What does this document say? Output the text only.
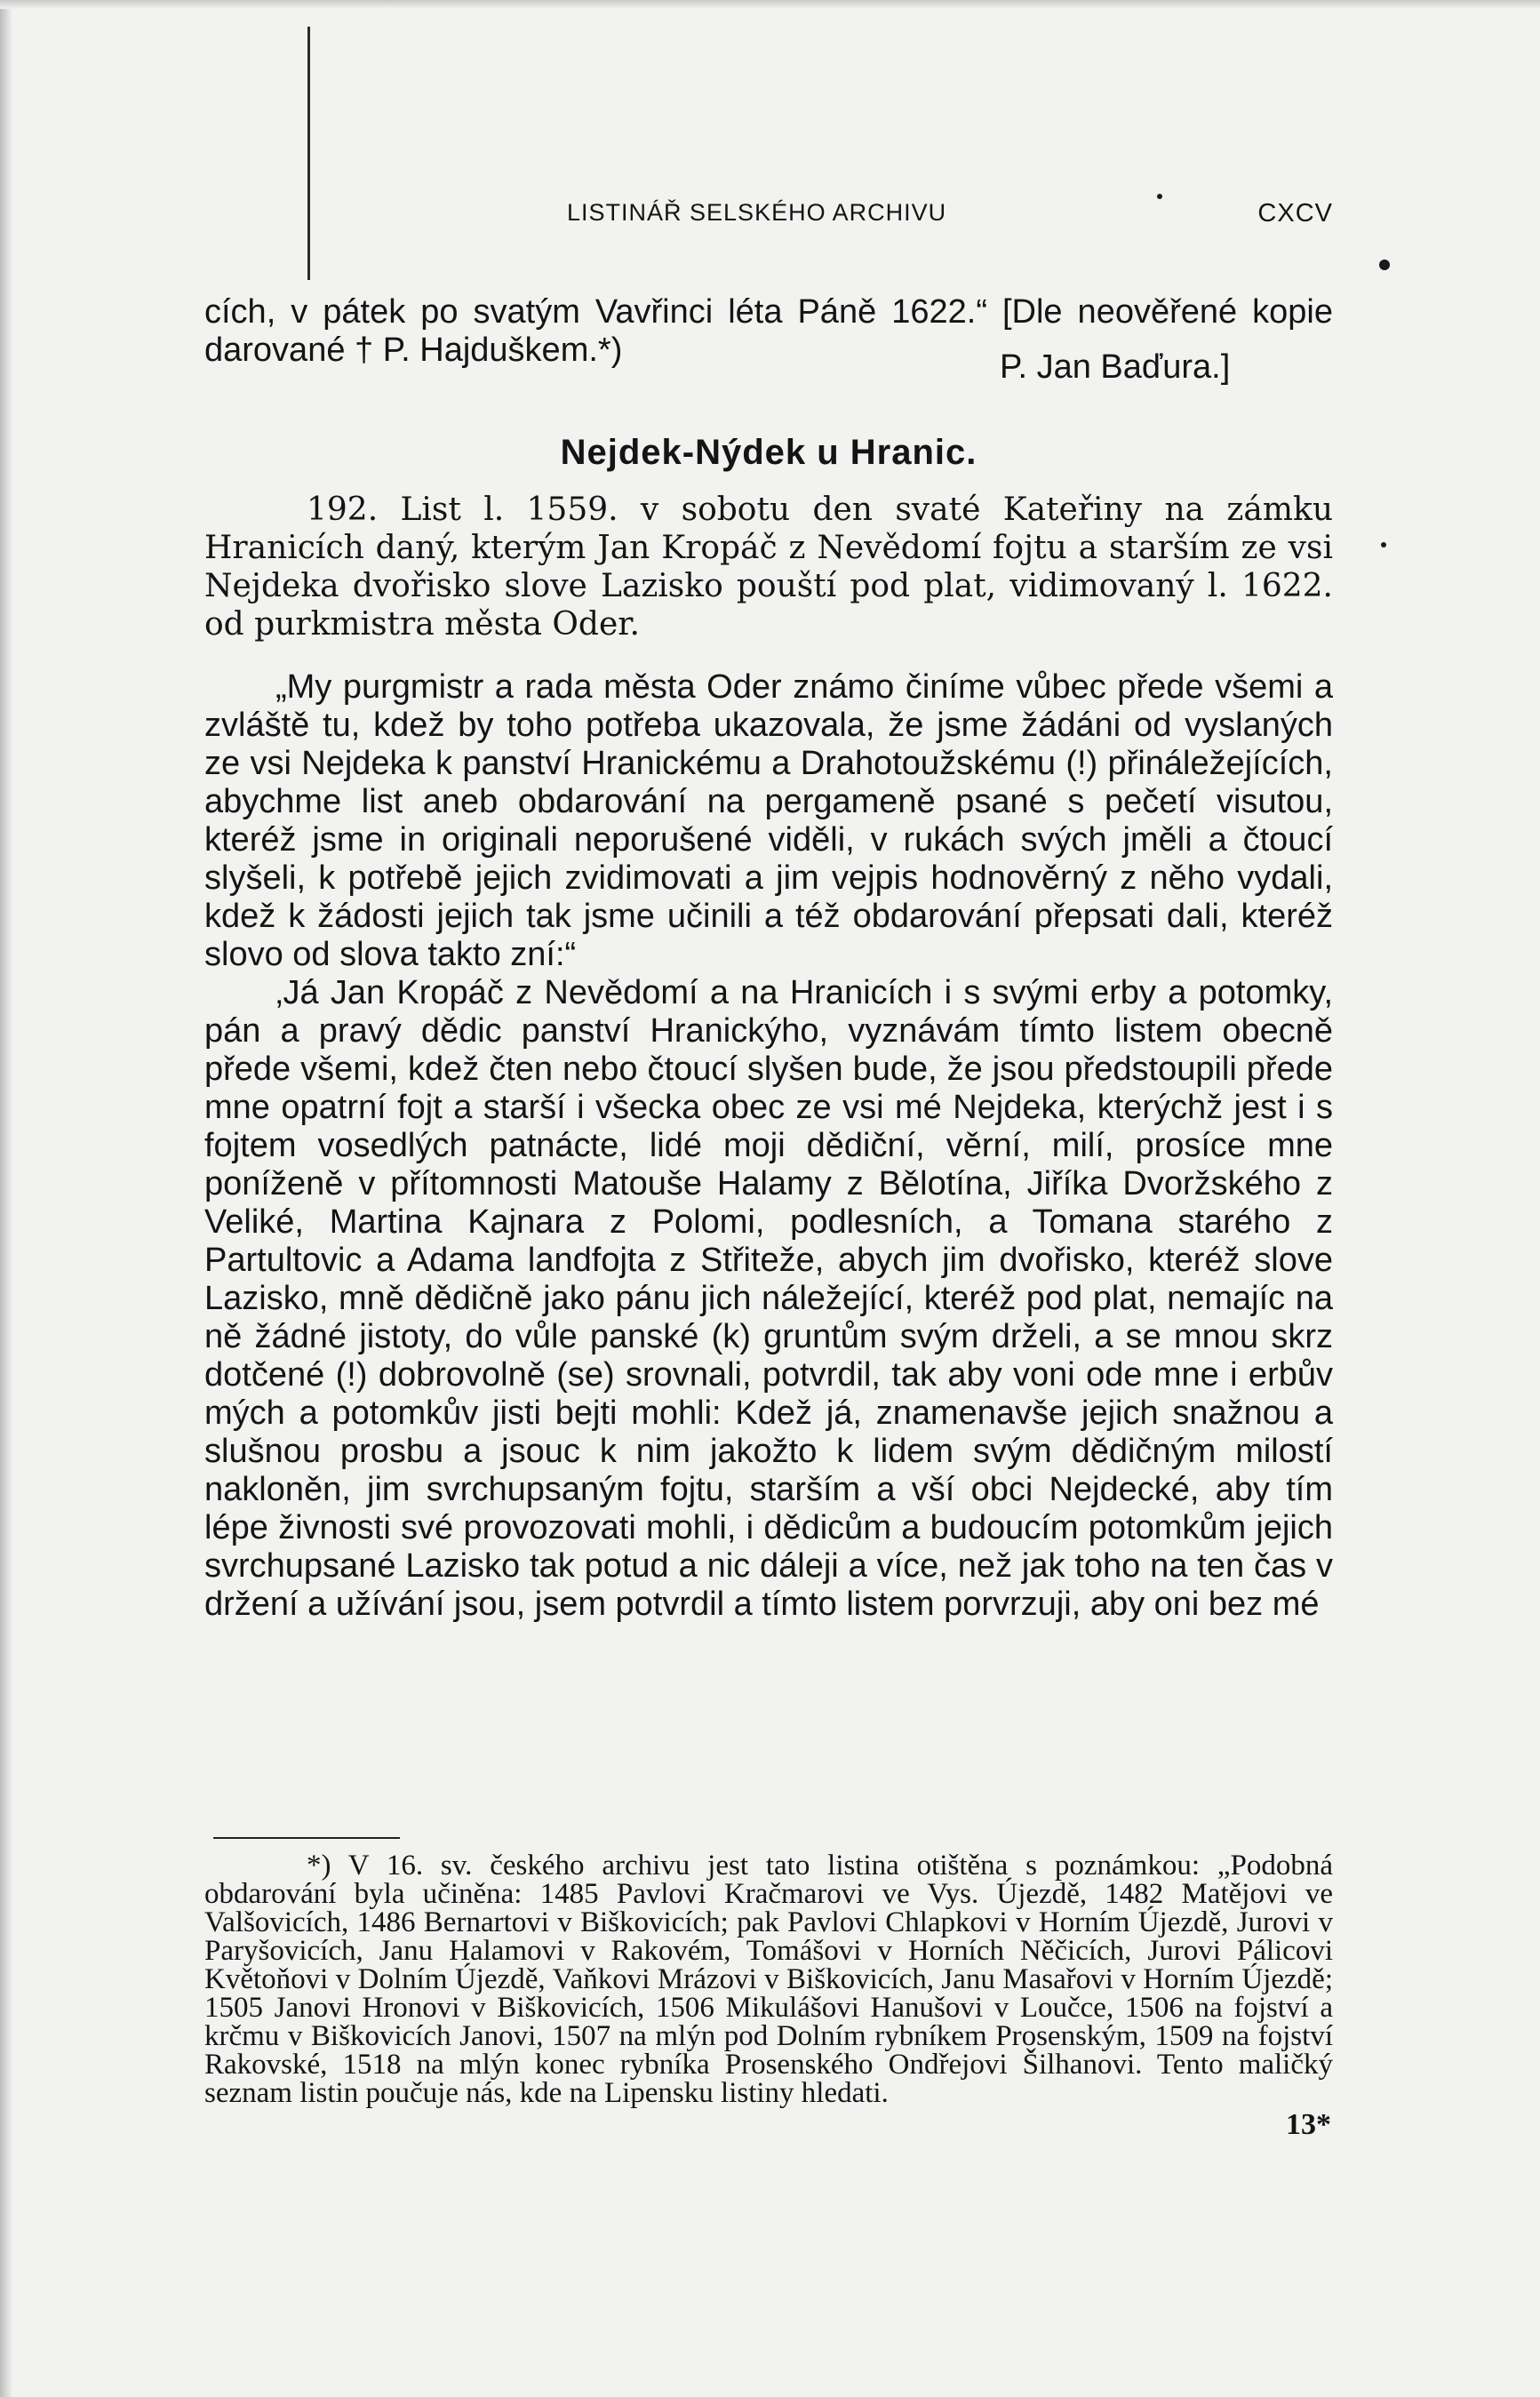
LISTINÁŘ SELSKÉHO ARCHIVU	CXCV

cích, v pátek po svatým Vavřinci léta Páně 1622.“ [Dle neověřené kopie darované † P. Hajduškem.*)	P. Jan Baďura.]
Nejdek-Nýdek u Hranic.

192. List l. 1559. v sobotu den svaté Kateřiny na zámku Hranicích daný, kterým Jan Kropáč z Nevědomí fojtu a starším ze vsi Nejdeka dvořisko slove Lazisko pouští pod plat, vidimovaný l. 1622. od purkmistra města Oder.

„My purgmistr a rada města Oder známo činíme vůbec přede všemi a zvláště tu, kdež by toho potřeba ukazovala, že jsme žádáni od vyslaných ze vsi Nejdeka k panství Hranickému a Drahotoužskému (!) přináležejících, abychme list aneb obdarování na pergameně psané s pečetí visutou, kteréž jsme in originali neporušené viděli, v rukách svých jměli a čtoucí slyšeli, k potřebě jejich zvidimovati a jim vejpis hodnověrný z něho vydali, kdež k žádosti jejich tak jsme učinili a též obdarování přepsati dali, kteréž slovo od slova takto zní:“

‚Já Jan Kropáč z Nevědomí a na Hranicích i s svými erby a potomky, pán a pravý dědic panství Hranickýho, vyznávám tímto listem obecně přede všemi, kdež čten nebo čtoucí slyšen bude, že jsou předstoupili přede mne opatrní fojt a starší i všecka obec ze vsi mé Nejdeka, kterýchž jest i s fojtem vosedlých patnácte, lidé moji dědiční, věrní, milí, prosíce mne poníženě v přítomnosti Matouše Halamy z Bělotína, Jiříka Dvoržského z Veliké, Martina Kajnara z Polomi, podlesních, a Tomana starého z Partultovic a Adama landfojta z Střiteže, abych jim dvořisko, kteréž slove Lazisko, mně dědičně jako pánu jich náležející, kteréž pod plat, nemajíc na ně žádné jistoty, do vůle panské (k) gruntům svým drželi, a se mnou skrz dotčené (!) dobrovolně (se) srovnali, potvrdil, tak aby voni ode mne i erbův mých a potomkův jisti bejti mohli: Kdež já, znamenavše jejich snažnou a slušnou prosbu a jsouc k nim jakožto k lidem svým dědičným milostí nakloněn, jim svrchupsaným fojtu, starším a vší obci Nejdecké, aby tím lépe živnosti své provozovati mohli, i dědicům a budoucím potomkům jejich svrchupsané Lazisko tak potud a nic dáleji a více, než jak toho na ten čas v držení a užívání jsou, jsem potvrdil a tímto listem porvrzuji, aby oni bez mé

*) V 16. sv. českého archivu jest tato listina otištěna s poznámkou: „Podobná obdarování byla učiněna: 1485 Pavlovi Kračmarovi ve Vys. Újezdě, 1482 Matějovi ve Valšovicích, 1486 Bernartovi v Biškovicích; pak Pavlovi Chlapkovi v Horním Újezdě, Jurovi v Paryšovicích, Janu Halamovi v Rakovém, Tomášovi v Horních Něčicích, Jurovi Pálicovi Květoňovi v Dolním Újezdě, Vaňkovi Mrázovi v Biškovicích, Janu Masařovi v Horním Újezdě; 1505 Janovi Hronovi v Biškovicích, 1506 Mikulášovi Hanušovi v Loučce, 1506 na fojství a krčmu v Biškovicích Janovi, 1507 na mlýn pod Dolním rybníkem Prosenským, 1509 na fojství Rakovské, 1518 na mlýn konec rybníka Prosenského Ondřejovi Šilhanovi. Tento maličký seznam listin poučuje nás, kde na Lipensku listiny hledati.

13*
